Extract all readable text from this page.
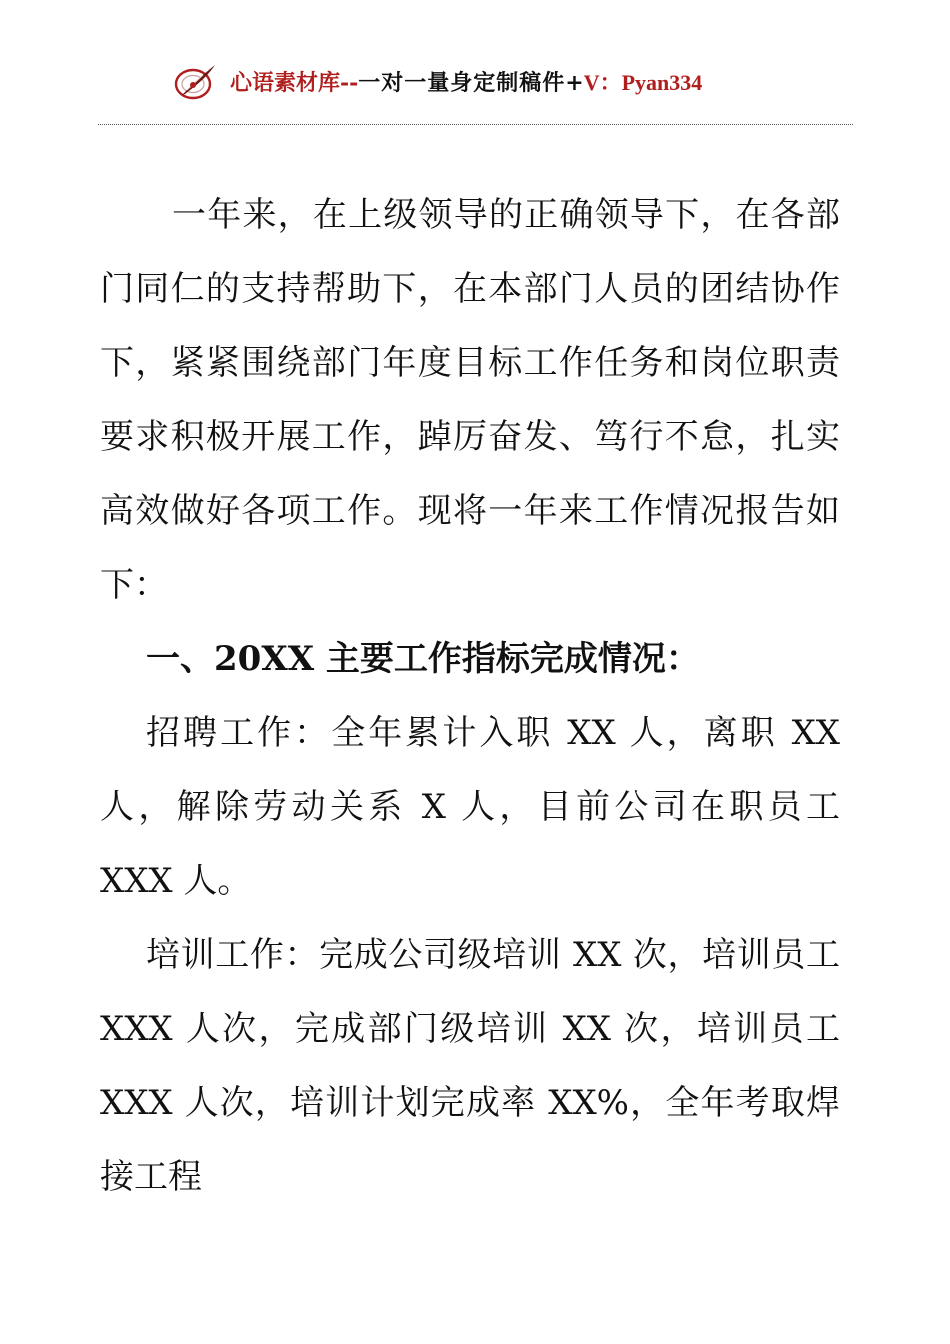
心语素材库--一对一量身定制稿件+V：Pyan334

一年来，在上级领导的正确领导下，在各部门同仁的支持帮助下，在本部门人员的团结协作下，紧紧围绕部门年度目标工作任务和岗位职责要求积极开展工作，踔厉奋发、笃行不怠，扎实高效做好各项工作。现将一年来工作情况报告如下：

一、20XX 主要工作指标完成情况：

招聘工作：全年累计入职 XX 人，离职 XX 人，解除劳动关系 X 人，目前公司在职员工 XXX 人。

培训工作：完成公司级培训 XX 次，培训员工 XXX 人次，完成部门级培训 XX 次，培训员工 XXX 人次，培训计划完成率 XX%，全年考取焊接工程
